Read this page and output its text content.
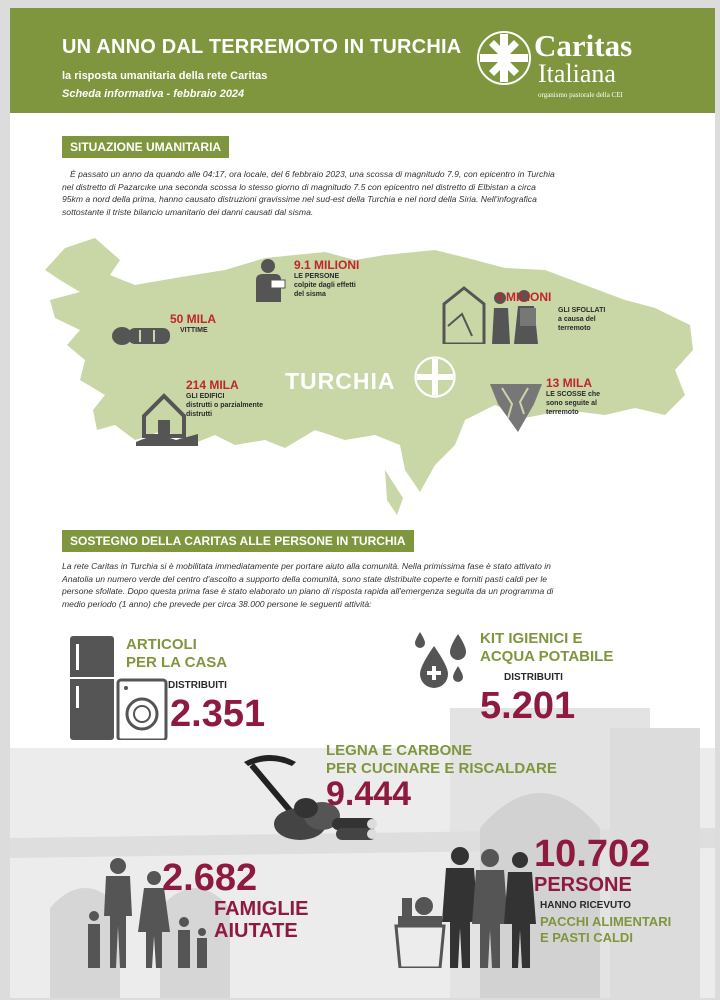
UN ANNO DAL TERREMOTO IN TURCHIA
la risposta umanitaria della rete Caritas
Scheda informativa - febbraio 2024
Caritas
Italiana
organismo pastorale della CEI
SITUAZIONE UMANITARIA
È passato un anno da quando alle 04:17, ora locale, del 6 febbraio 2023, una scossa di magnitudo 7.9, con epicentro in Turchia
nel distretto di Pazarcıke una seconda scossa lo stesso giorno di magnitudo 7.5 con epicentro nel distretto di Elbistan a circa
95km a nord della prima, hanno causato distruzioni gravissime nel sud-est della Turchia e nel nord della Siria. Nell'infografica
sottostante il triste bilancio umanitario dei danni causati dal sisma.
TURCHIA
9.1 MILIONI
LE PERSONE
colpite dagli effetti
del sisma
50 MILA
VITTIME
4 MILIONI
GLI SFOLLATI
a causa del
terremoto
214 MILA
GLI EDIFICI
distrutti o parzialmente
distrutti
13 MILA
LE SCOSSE che
sono seguite al
terremoto
SOSTEGNO DELLA CARITAS ALLE PERSONE IN TURCHIA
La rete Caritas in Turchia si è mobilitata immediatamente per portare aiuto alla comunità. Nella primissima fase è stato attivato in
Anatolia un numero verde del centro d'ascolto a supporto della comunità, sono state distribuite coperte e forniti pasti caldi per le
persone sfollate. Dopo questa prima fase è stato elaborato un piano di risposta rapida all'emergenza seguita da un programma di
medio periodo (1 anno) che prevede per circa 38.000 persone le seguenti attività:
ARTICOLI
PER LA CASA
DISTRIBUITI
2.351
KIT IGIENICI E
ACQUA POTABILE
DISTRIBUITI
5.201
LEGNA E CARBONE
PER CUCINARE E RISCALDARE
9.444
2.682
FAMIGLIE
AIUTATE
10.702
PERSONE
HANNO RICEVUTO
PACCHI ALIMENTARI
E PASTI CALDI
